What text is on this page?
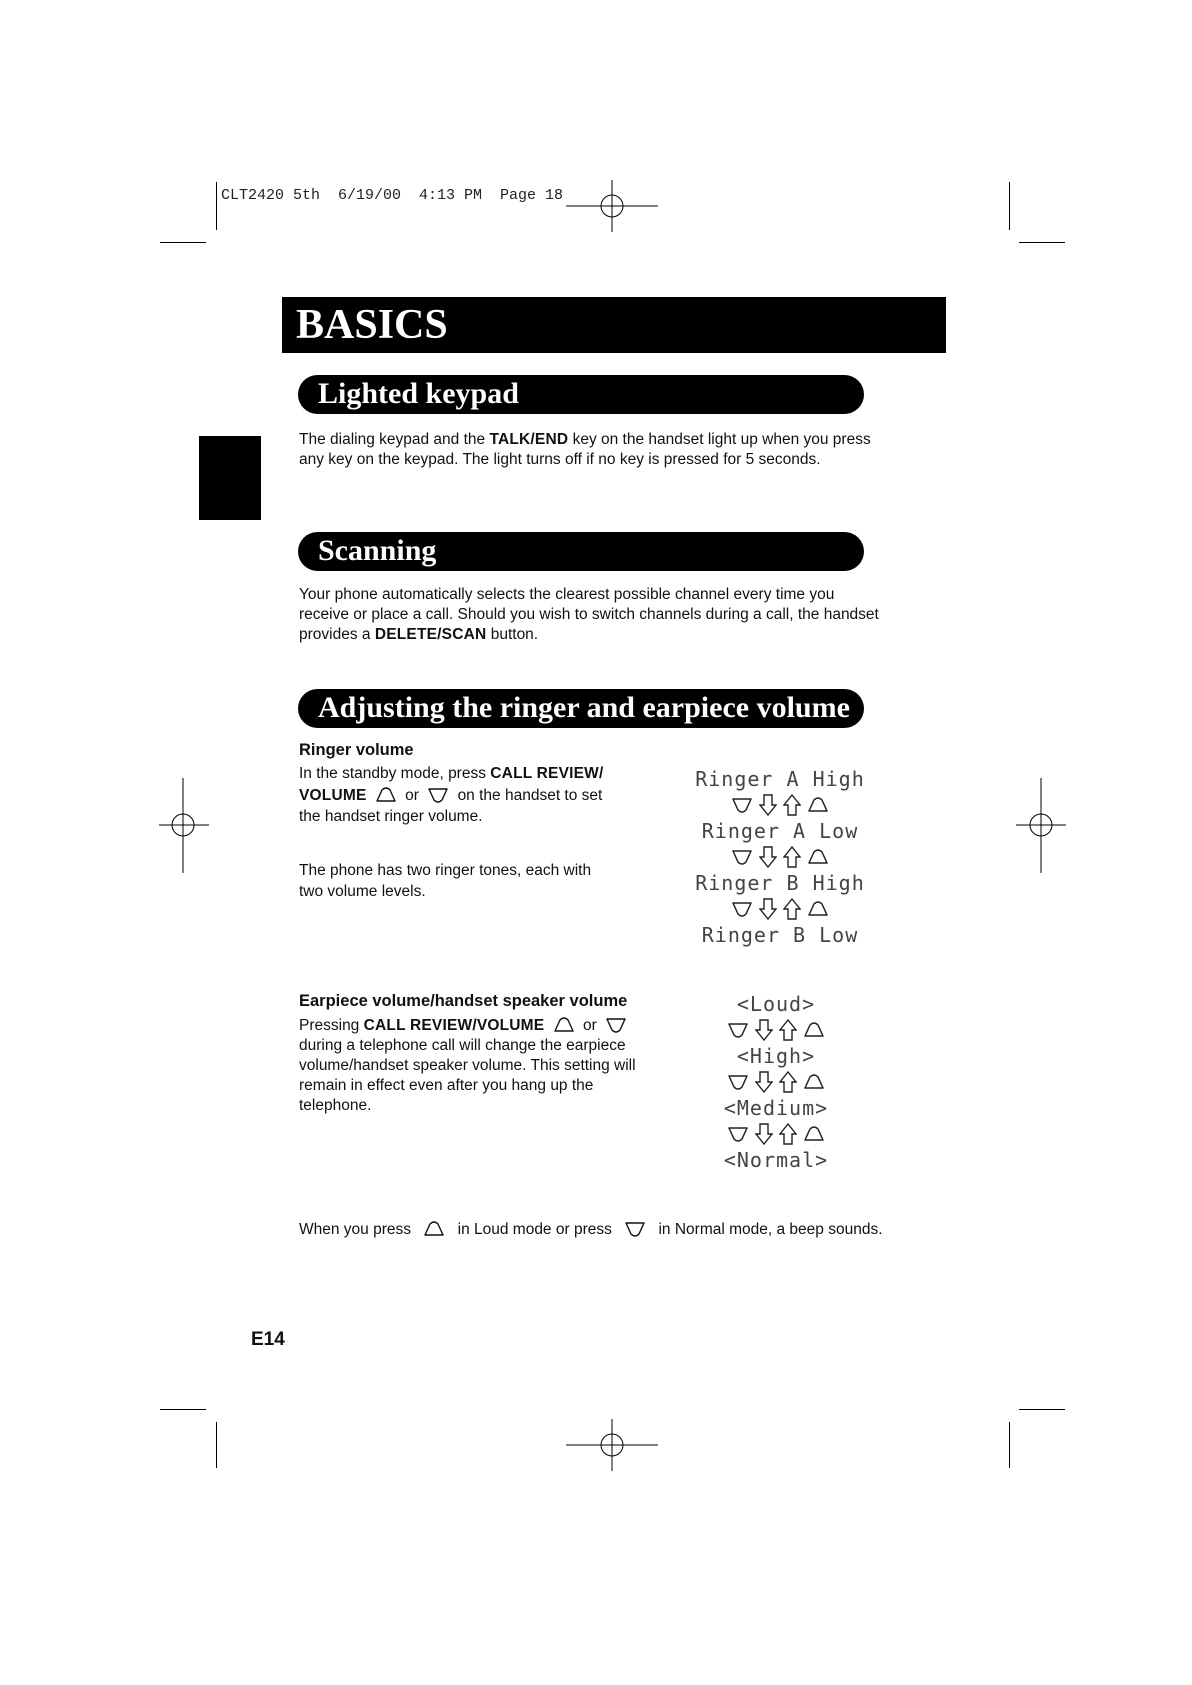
CLT2420 5th  6/19/00  4:13 PM  Page 18
BASICS
Lighted keypad
The dialing keypad and the TALK/END key on the handset light up when you press
any key on the keypad. The light turns off if no key is pressed for 5 seconds.
Scanning
Your phone automatically selects the clearest possible channel every time you
receive or place a call. Should you wish to switch channels during a call, the handset
provides a DELETE/SCAN button.
Adjusting the ringer and earpiece volume
Ringer volume
In the standby mode, press CALL REVIEW/
VOLUME or on the handset to set
the handset ringer volume.
The phone has two ringer tones, each with
two volume levels.
Ringer A High
Ringer A Low
Ringer B High
Ringer B Low
Earpiece volume/handset speaker volume
Pressing CALL REVIEW/VOLUME or
during a telephone call will change the earpiece
volume/handset speaker volume. This setting will
remain in effect even after you hang up the
telephone.
<Loud>
<High>
<Medium>
<Normal>
When you press	in Loud mode or press	in Normal mode, a beep sounds.
E14
